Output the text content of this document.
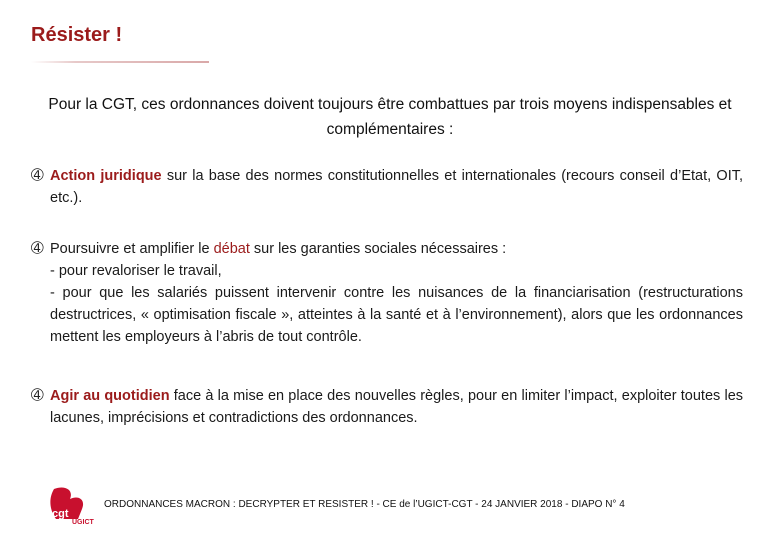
Résister !
Pour la CGT, ces ordonnances doivent toujours être combattues par trois moyens indispensables et complémentaires :
➃ Action juridique sur la base des normes constitutionnelles et internationales (recours conseil d’Etat, OIT, etc.).
➃ Poursuivre et amplifier le débat sur les garanties sociales nécessaires :
- pour revaloriser le travail,
- pour que les salariés puissent intervenir contre les nuisances de la financiarisation (restructurations destructrices, « optimisation fiscale », atteintes à la santé et à l’environnement), alors que les ordonnances mettent les employeurs à l’abris de tout contrôle.
➃ Agir au quotidien face à la mise en place des nouvelles règles, pour en limiter l’impact, exploiter toutes les lacunes, imprécisions et contradictions des ordonnances.
cgt
UGICT
ORDONNANCES MACRON : DECRYPTER ET RESISTER ! - CE de l’UGICT-CGT - 24 JANVIER 2018 - DIAPO N° 4
